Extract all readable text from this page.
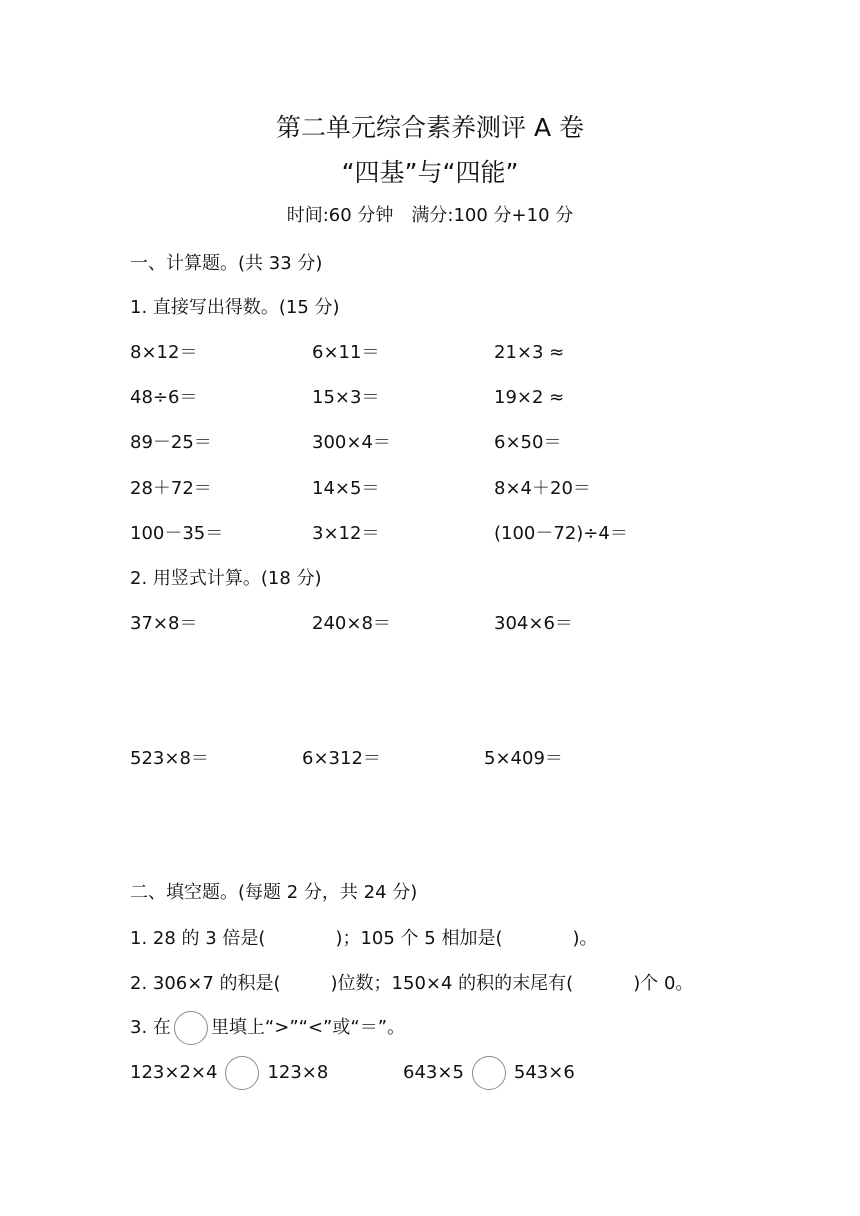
第二单元综合素养测评 A 卷
“四基”与“四能”
时间:60 分钟　满分:100 分+10 分
一、计算题。(共 33 分)
1. 直接写出得数。(15 分)
8×12＝	6×11＝	21×3 ≈
48÷6＝	15×3＝	19×2 ≈
89－25＝	300×4＝	6×50＝
28＋72＝	14×5＝	8×4＋20＝
100－35＝	3×12＝	(100－72)÷4＝
2. 用竖式计算。(18 分)
37×8＝	240×8＝	304×6＝
523×8＝	6×312＝	5×409＝
二、填空题。(每题 2 分，共 24 分)
1. 28 的 3 倍是(	)；105 个 5 相加是(	)。
2. 306×7 的积是(	)位数；150×4 的积的末尾有(	)个 0。
3. 在 里填上“>”“<”或“＝”。
123×2×4	123×8	643×5	543×6
